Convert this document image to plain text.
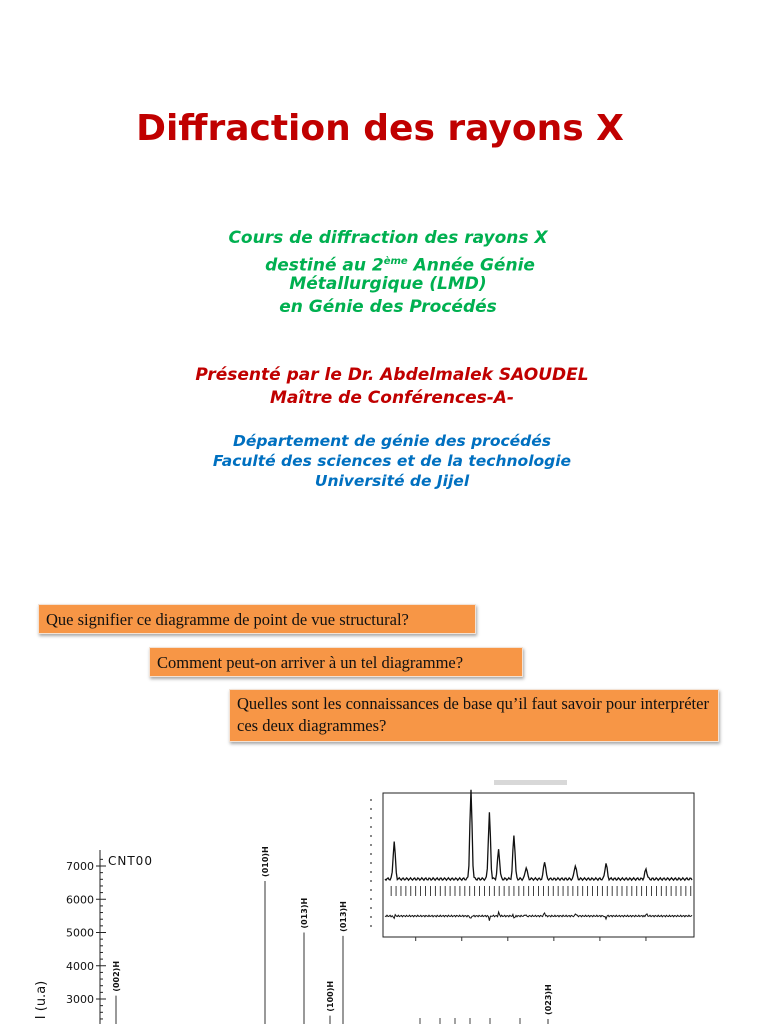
Diffraction des rayons X
Cours de diffraction des rayons X
destiné au 2ème Année Génie
Métallurgique (LMD)
en Génie des Procédés
Présenté par le Dr. Abdelmalek SAOUDEL
Maître de Conférences-A-
Département de génie des procédés
Faculté des sciences et de la technologie
Université de Jijel
Que signifier ce diagramme de point de vue structural?
Comment peut-on arriver à un tel diagramme?
Quelles sont les connaissances de base qu’il faut savoir pour interpréter ces deux diagrammes?
3000
4000
5000
6000
7000
(002)H
(010)H
(013)H	(013)H
(100)H	(023)H
CNT00
I (u.a)
